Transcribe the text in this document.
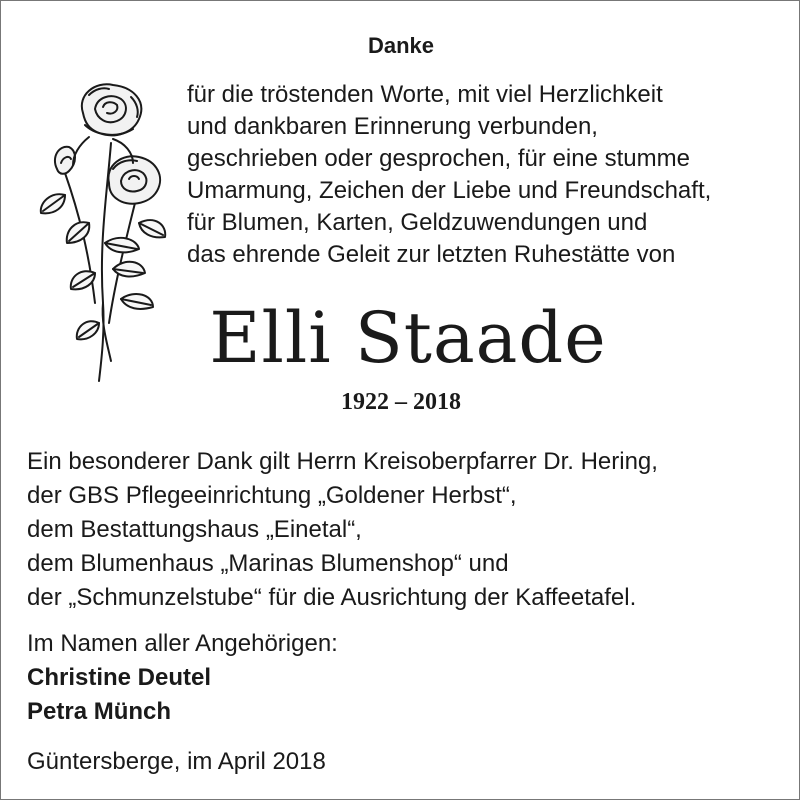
Danke
für die tröstenden Worte, mit viel Herzlichkeit
und dankbaren Erinnerung verbunden,
geschrieben oder gesprochen, für eine stumme
Umarmung, Zeichen der Liebe und Freundschaft,
für Blumen, Karten, Geldzuwendungen und
das ehrende Geleit zur letzten Ruhestätte von
Elli Staade
1922 – 2018
Ein besonderer Dank gilt Herrn Kreisoberpfarrer Dr. Hering,
der GBS Pflegeeinrichtung „Goldener Herbst“,
dem Bestattungshaus „Einetal“,
dem Blumenhaus „Marinas Blumenshop“ und
der „Schmunzelstube“ für die Ausrichtung der Kaffeetafel.
Im Namen aller Angehörigen:
Christine Deutel
Petra Münch
Güntersberge, im April 2018
